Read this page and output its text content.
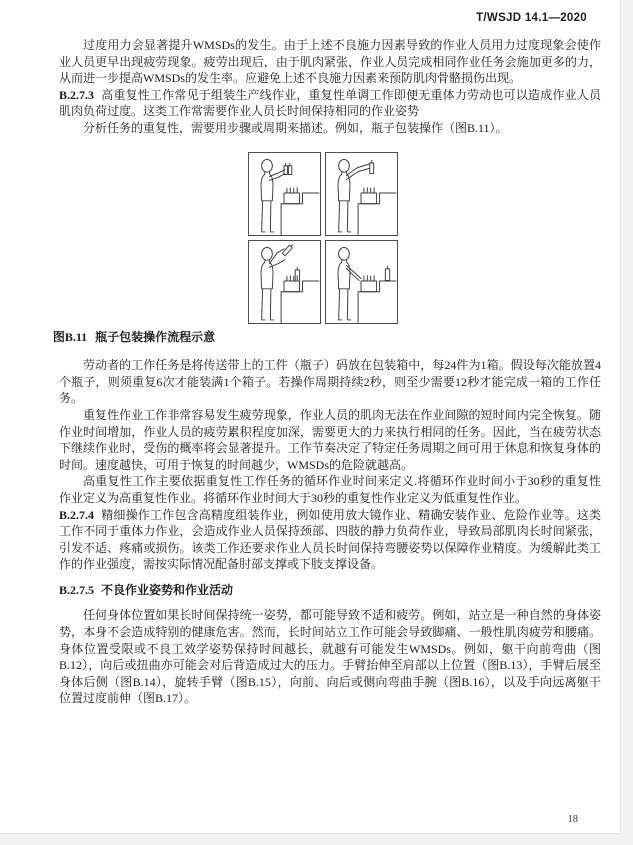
T/WSJD 14.1—2020

过度用力会显著提升WMSDs的发生。由于上述不良施力因素导致的作业人员用力过度现象会使作业人员更早出现疲劳现象。疲劳出现后，由于肌肉紧张，作业人员完成相同作业任务会施加更多的力，从而进一步提高WMSDs的发生率。应避免上述不良施力因素来预防肌肉骨骼损伤出现。

B.2.7.3 高重复性工作常见于组装生产线作业，重复性单调工作即便无重体力劳动也可以造成作业人员肌肉负荷过度。这类工作常需要作业人员长时间保持相同的作业姿势

分析任务的重复性，需要用步骤或周期来描述。例如，瓶子包装操作（图B.11）。

图B.11 瓶子包装操作流程示意

劳动者的工作任务是将传送带上的工件（瓶子）码放在包装箱中，每24件为1箱。假设每次能放置4个瓶子，则须重复6次才能装满1个箱子。若操作周期持续2秒，则至少需要12秒才能完成一箱的工作任务。

重复性作业工作非常容易发生疲劳现象，作业人员的肌肉无法在作业间隙的短时间内完全恢复。随作业时间增加，作业人员的疲劳累积程度加深，需要更大的力来执行相同的任务。因此，当在疲劳状态下继续作业时，受伤的概率将会显著提升。工作节奏决定了特定任务周期之间可用于休息和恢复身体的时间。速度越快，可用于恢复的时间越少，WMSDs的危险就越高。

高重复性工作主要依据重复性工作任务的循环作业时间来定义.将循环作业时间小于30秒的重复性作业定义为高重复性作业。将循环作业时间大于30秒的重复性作业定义为低重复性作业。

B.2.7.4 精细操作工作包含高精度组装作业，例如使用放大镜作业、精确安装作业、危险作业等。这类工作不同于重体力作业，会造成作业人员保持颈部、四肢的静力负荷作业，导致局部肌肉长时间紧张，引发不适、疼痛或损伤。该类工作还要求作业人员长时间保持弯腰姿势以保障作业精度。为缓解此类工作的作业强度，需按实际情况配备肘部支撑或下肢支撑设备。

B.2.7.5 不良作业姿势和作业活动

任何身体位置如果长时间保持统一姿势，都可能导致不适和疲劳。例如，站立是一种自然的身体姿势，本身不会造成特别的健康危害。然而，长时间站立工作可能会导致脚痛、一般性肌肉疲劳和腰痛。身体位置受限或不良工效学姿势保持时间越长，就越有可能发生WMSDs。例如，躯干向前弯曲（图B.12），向后或扭曲亦可能会对后背造成过大的压力。手臂抬伸至肩部以上位置（图B.13），手臂后展至身体后侧（图B.14），旋转手臂（图B.15），向前、向后或侧向弯曲手腕（图B.16），以及手向远离躯干位置过度前伸（图B.17）。

18
